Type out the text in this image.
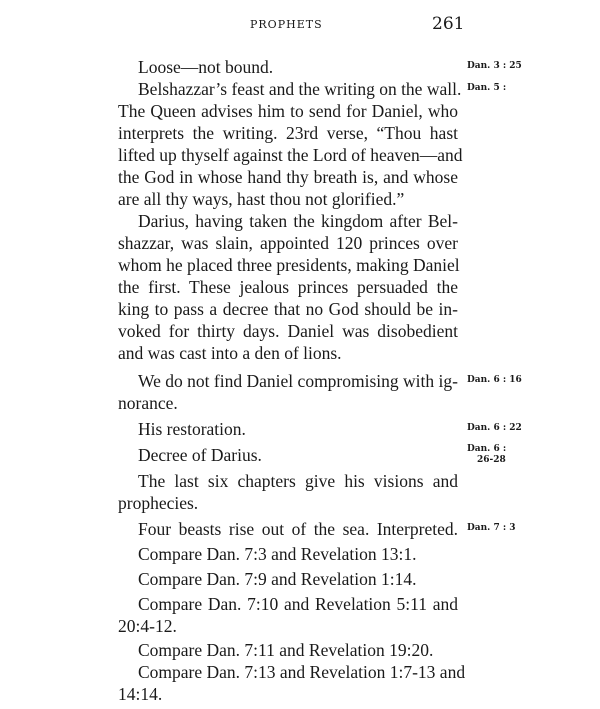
PROPHETS	261
Loose—not bound.
Belshazzar’s feast and the writing on the wall.
The Queen advises him to send for Daniel, who
interprets the writing. 23rd verse, “Thou hast
lifted up thyself against the Lord of heaven—and
the God in whose hand thy breath is, and whose
are all thy ways, hast thou not glorified.”
Darius, having taken the kingdom after Bel-
shazzar, was slain, appointed 120 princes over
whom he placed three presidents, making Daniel
the first. These jealous princes persuaded the
king to pass a decree that no God should be in-
voked for thirty days. Daniel was disobedient
and was cast into a den of lions.
We do not find Daniel compromising with ig-
norance.
His restoration.
Decree of Darius.
The last six chapters give his visions and
prophecies.
Four beasts rise out of the sea. Interpreted.
Compare Dan. 7:3 and Revelation 13:1.
Compare Dan. 7:9 and Revelation 1:14.
Compare Dan. 7:10 and Revelation 5:11 and
20:4-12.
Compare Dan. 7:11 and Revelation 19:20.
Compare Dan. 7:13 and Revelation 1:7-13 and
14:14.
Dan. 3 : 25
Dan. 5 :
Dan. 6 : 16
Dan. 6 : 22
Dan. 6 :
26-28
Dan. 7 : 3
